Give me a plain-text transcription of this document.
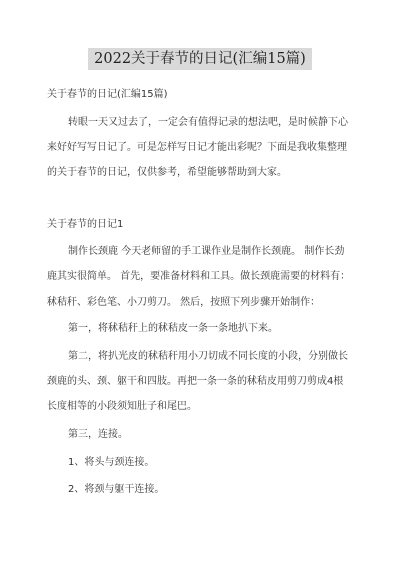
2022关于春节的日记(汇编15篇)
关于春节的日记(汇编15篇)
转眼一天又过去了，一定会有值得记录的想法吧，是时候静下心
来好好写写日记了。可是怎样写日记才能出彩呢？下面是我收集整理
的关于春节的日记，仅供参考，希望能够帮助到大家。
关于春节的日记1
制作长颈鹿 今天老师留的手工课作业是制作长颈鹿。 制作长劲
鹿其实很简单。 首先，要准备材料和工具。做长颈鹿需要的材料有：
秫秸秆、彩色笔、小刀剪刀。 然后，按照下列步骤开始制作：
第一，将秫秸秆上的秫秸皮一条一条地扒下来。
第二，将扒光皮的秫秸秆用小刀切成不同长度的小段，分别做长
颈鹿的头、颈、躯干和四肢。再把一条一条的秫秸皮用剪刀剪成4根
长度相等的小段须知肚子和尾巴。
第三，连接。
1、将头与颈连接。
2、将颈与躯干连接。
